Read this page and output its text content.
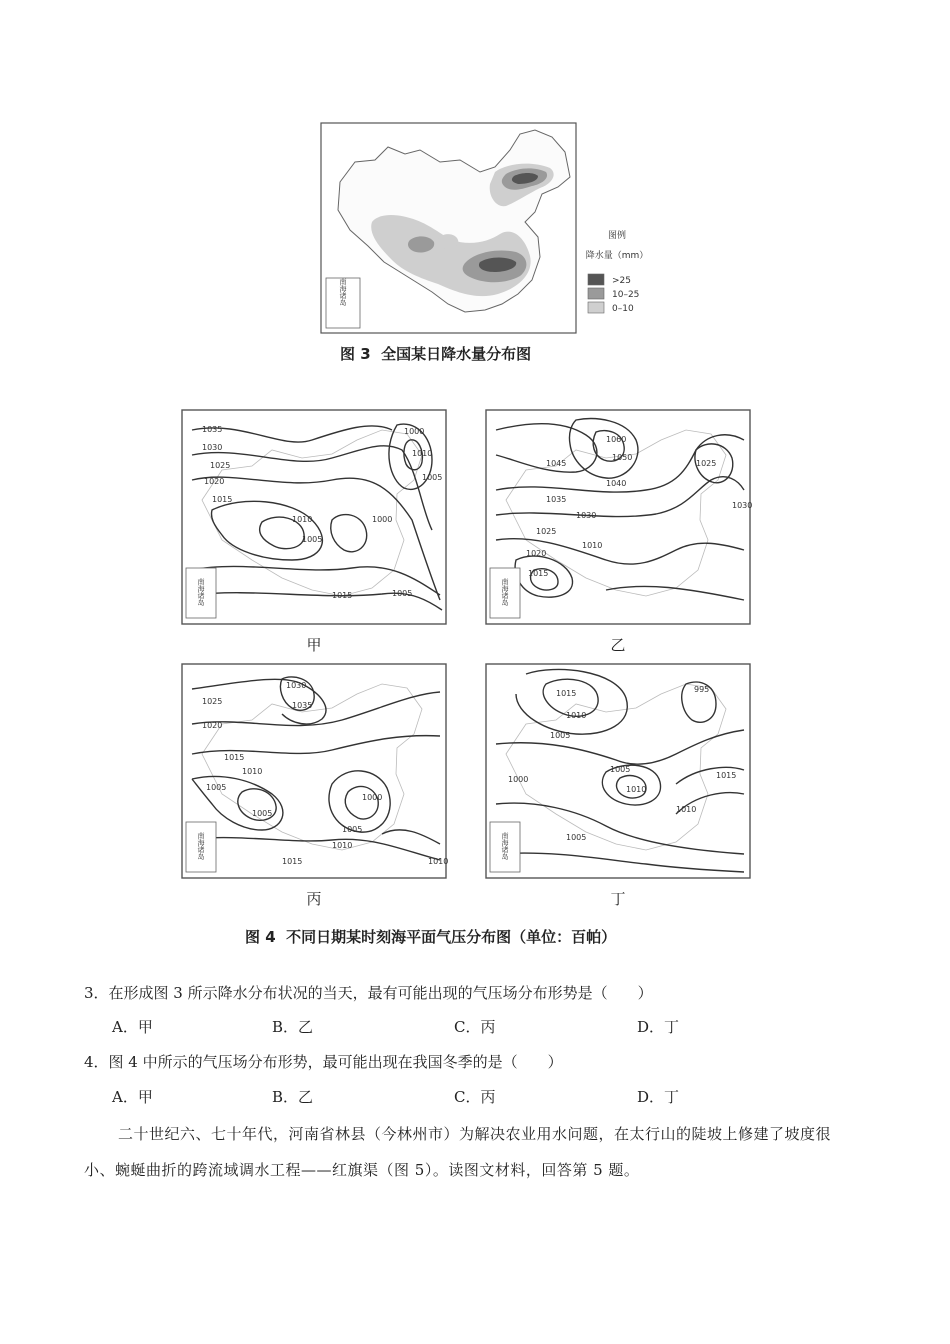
南海诸岛
图例
降水量（mm）
>25
10–25
0–10
图 3  全国某日降水量分布图
南海诸岛
1035
1030
1025
1020
1015
1010
1005
1000
1015	1005
1000
1010
1005
甲
南海诸岛
1060
1050
1045
1040
1035
1030
1025
1020
1015
1010
1025
1030
乙
南海诸岛
1030
1035
1025
1020
1015
1010
1005
1005
1000
1005
1010
1015	1010
丙
南海诸岛
1015
1010
1005
1005
1010
1000
995
1010
1015
1005
丁
图 4  不同日期某时刻海平面气压分布图（单位：百帕）
3．在形成图 3 所示降水分布状况的当天，最有可能出现的气压场分布形势是（　　）
A．甲	B．乙	C．丙	D．丁
4．图 4 中所示的气压场分布形势，最可能出现在我国冬季的是（　　）
A．甲	B．乙	C．丙	D．丁
二十世纪六、七十年代，河南省林县（今林州市）为解决农业用水问题，在太行山的陡坡上修建了坡度很
小、蜿蜒曲折的跨流域调水工程——红旗渠（图 5）。读图文材料，回答第 5 题。
